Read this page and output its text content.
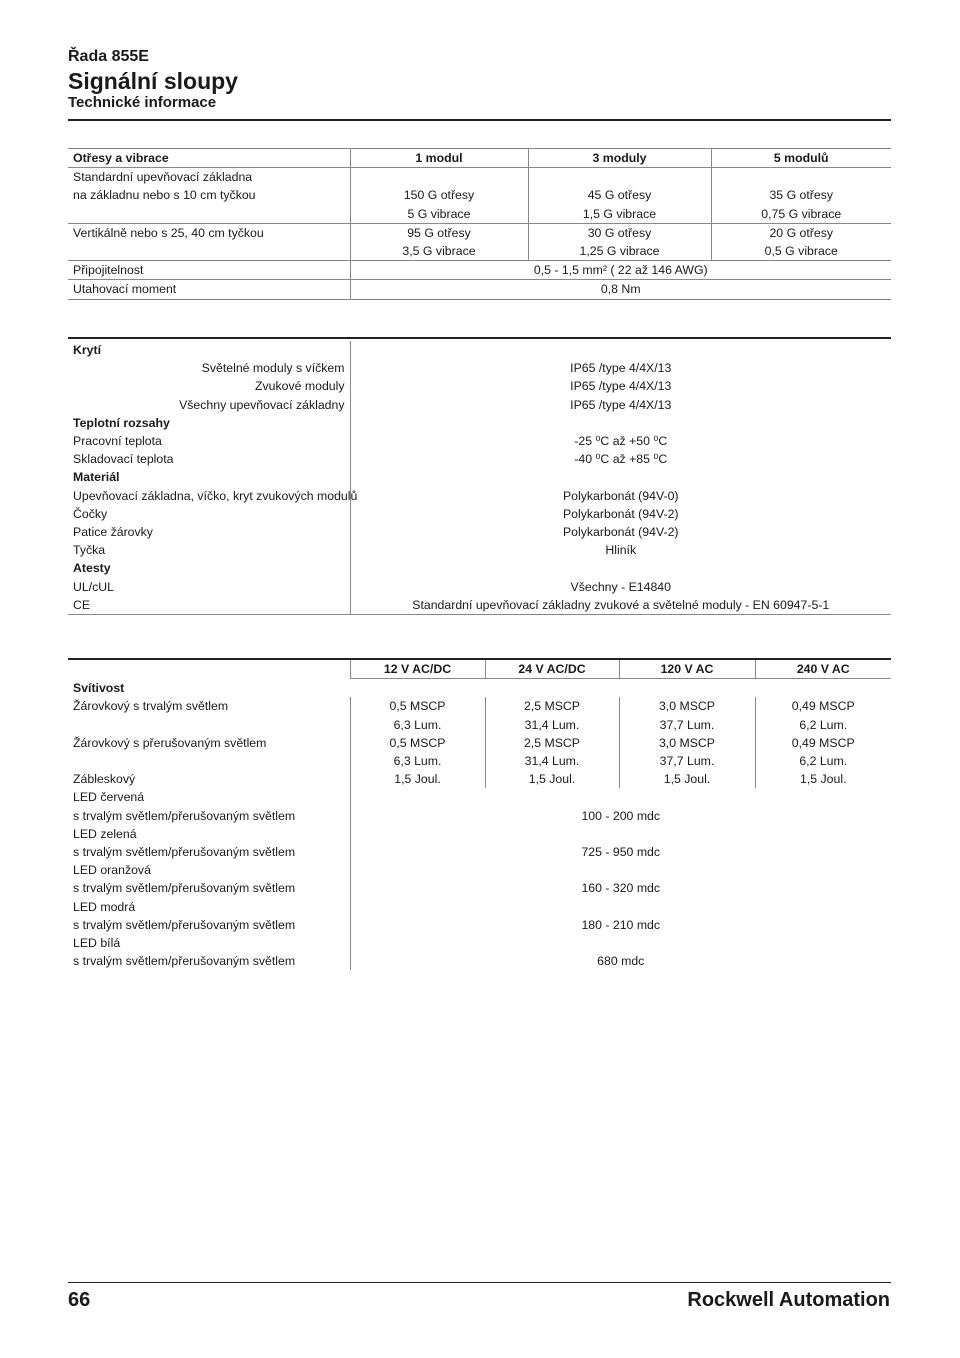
Řada 855E
Signální sloupy
Technické informace
Otřesy a vibrace	1 modul	3 moduly	5 modulů
Standardní upevňovací základna			
na základnu nebo s 10 cm tyčkou	150 G otřesy	45 G otřesy	35 G otřesy
	5 G vibrace	1,5 G vibrace	0,75 G vibrace
Vertikálně nebo s 25, 40 cm tyčkou	95 G otřesy	30 G otřesy	20 G otřesy
	3,5 G vibrace	1,25 G vibrace	0,5 G vibrace
Připojitelnost	0,5 - 1,5 mm² ( 22 až 146 AWG)		
Utahovací moment	0,8 Nm		
Krytí	
Světelné moduly s víčkem	IP65 /type 4/4X/13
Zvukové moduly	IP65 /type 4/4X/13
Všechny upevňovací základny	IP65 /type 4/4X/13
Teplotní rozsahy	
Pracovní teplota	-25 ⁰C až +50 ⁰C
Skladovací teplota	-40 ⁰C až +85 ⁰C
Materiál	
Upevňovací základna, víčko, kryt zvukových modulů	Polykarbonát (94V-0)
Čočky	Polykarbonát (94V-2)
Patice žárovky	Polykarbonát (94V-2)
Tyčka	Hliník
Atesty	
UL/cUL	Všechny - E14840
CE	Standardní upevňovací základny zvukové a světelné moduly - EN 60947-5-1
	12 V AC/DC	24 V AC/DC	120 V AC	240 V AC
Svítivost				
Žárovkový s trvalým světlem	0,5 MSCP	2,5 MSCP	3,0 MSCP	0,49 MSCP
	6,3 Lum.	31,4 Lum.	37,7 Lum.	6,2 Lum.
Žárovkový s přerušovaným světlem	0,5 MSCP	2,5 MSCP	3,0 MSCP	0,49 MSCP
	6,3 Lum.	31,4 Lum.	37,7 Lum.	6,2 Lum.
Zábleskový	1,5 Joul.	1,5 Joul.	1,5 Joul.	1,5 Joul.
LED červená				
s trvalým světlem/přerušovaným světlem	100 - 200 mdc			
LED zelená				
s trvalým světlem/přerušovaným světlem	725 - 950 mdc			
LED oranžová				
s trvalým světlem/přerušovaným světlem	160 - 320 mdc			
LED modrá				
s trvalým světlem/přerušovaným světlem	180 - 210 mdc			
LED bílá				
s trvalým světlem/přerušovaným světlem	680 mdc			
66	Rockwell Automation
